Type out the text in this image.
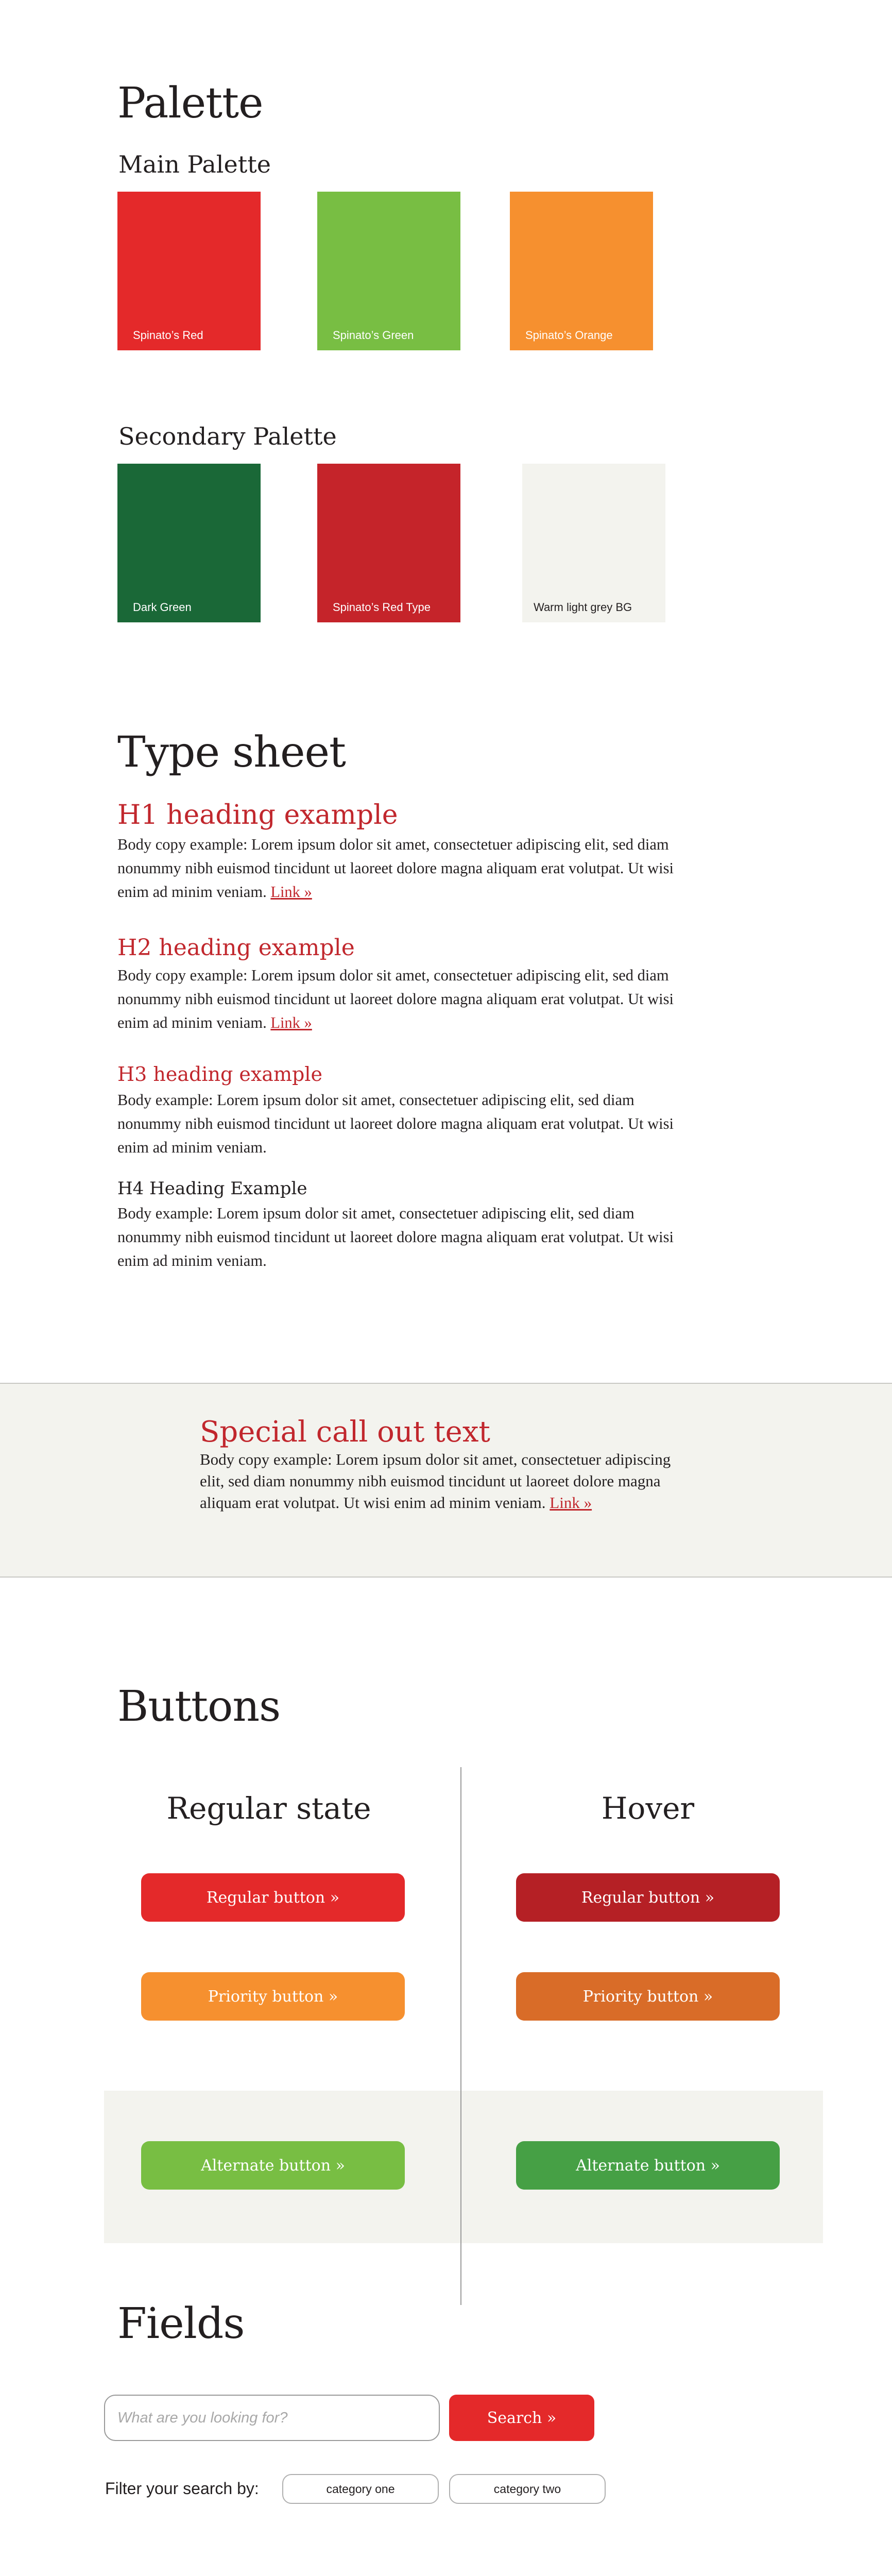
Palette
Main Palette
Spinato’s Red	Spinato’s Green	Spinato’s Orange
Secondary Palette
Dark Green	Spinato’s Red Type	Warm light grey BG
Type sheet
H1 heading example
Body copy example: Lorem ipsum dolor sit amet, consectetuer adipiscing elit, sed diam nonummy nibh euismod tincidunt ut laoreet dolore magna aliquam erat volutpat. Ut wisi enim ad minim veniam. Link »
H2 heading example
Body copy example: Lorem ipsum dolor sit amet, consectetuer adipiscing elit, sed diam nonummy nibh euismod tincidunt ut laoreet dolore magna aliquam erat volutpat. Ut wisi enim ad minim veniam. Link »
H3 heading example
Body example: Lorem ipsum dolor sit amet, consectetuer adipiscing elit, sed diam nonummy nibh euismod tincidunt ut laoreet dolore magna aliquam erat volutpat. Ut wisi enim ad minim veniam.
H4 Heading Example
Body example: Lorem ipsum dolor sit amet, consectetuer adipiscing elit, sed diam nonummy nibh euismod tincidunt ut laoreet dolore magna aliquam erat volutpat. Ut wisi enim ad minim veniam.
Special call out text
Body copy example: Lorem ipsum dolor sit amet, consectetuer adipiscing elit, sed diam nonummy nibh euismod tincidunt ut laoreet dolore magna aliquam erat volutpat. Ut wisi enim ad minim veniam. Link »
Buttons
Regular state	Hover
Regular button »	Regular button »
Priority button »	Priority button »
Alternate button »	Alternate button »
Fields
What are you looking for?
Search »
Filter your search by:	category one	category two
